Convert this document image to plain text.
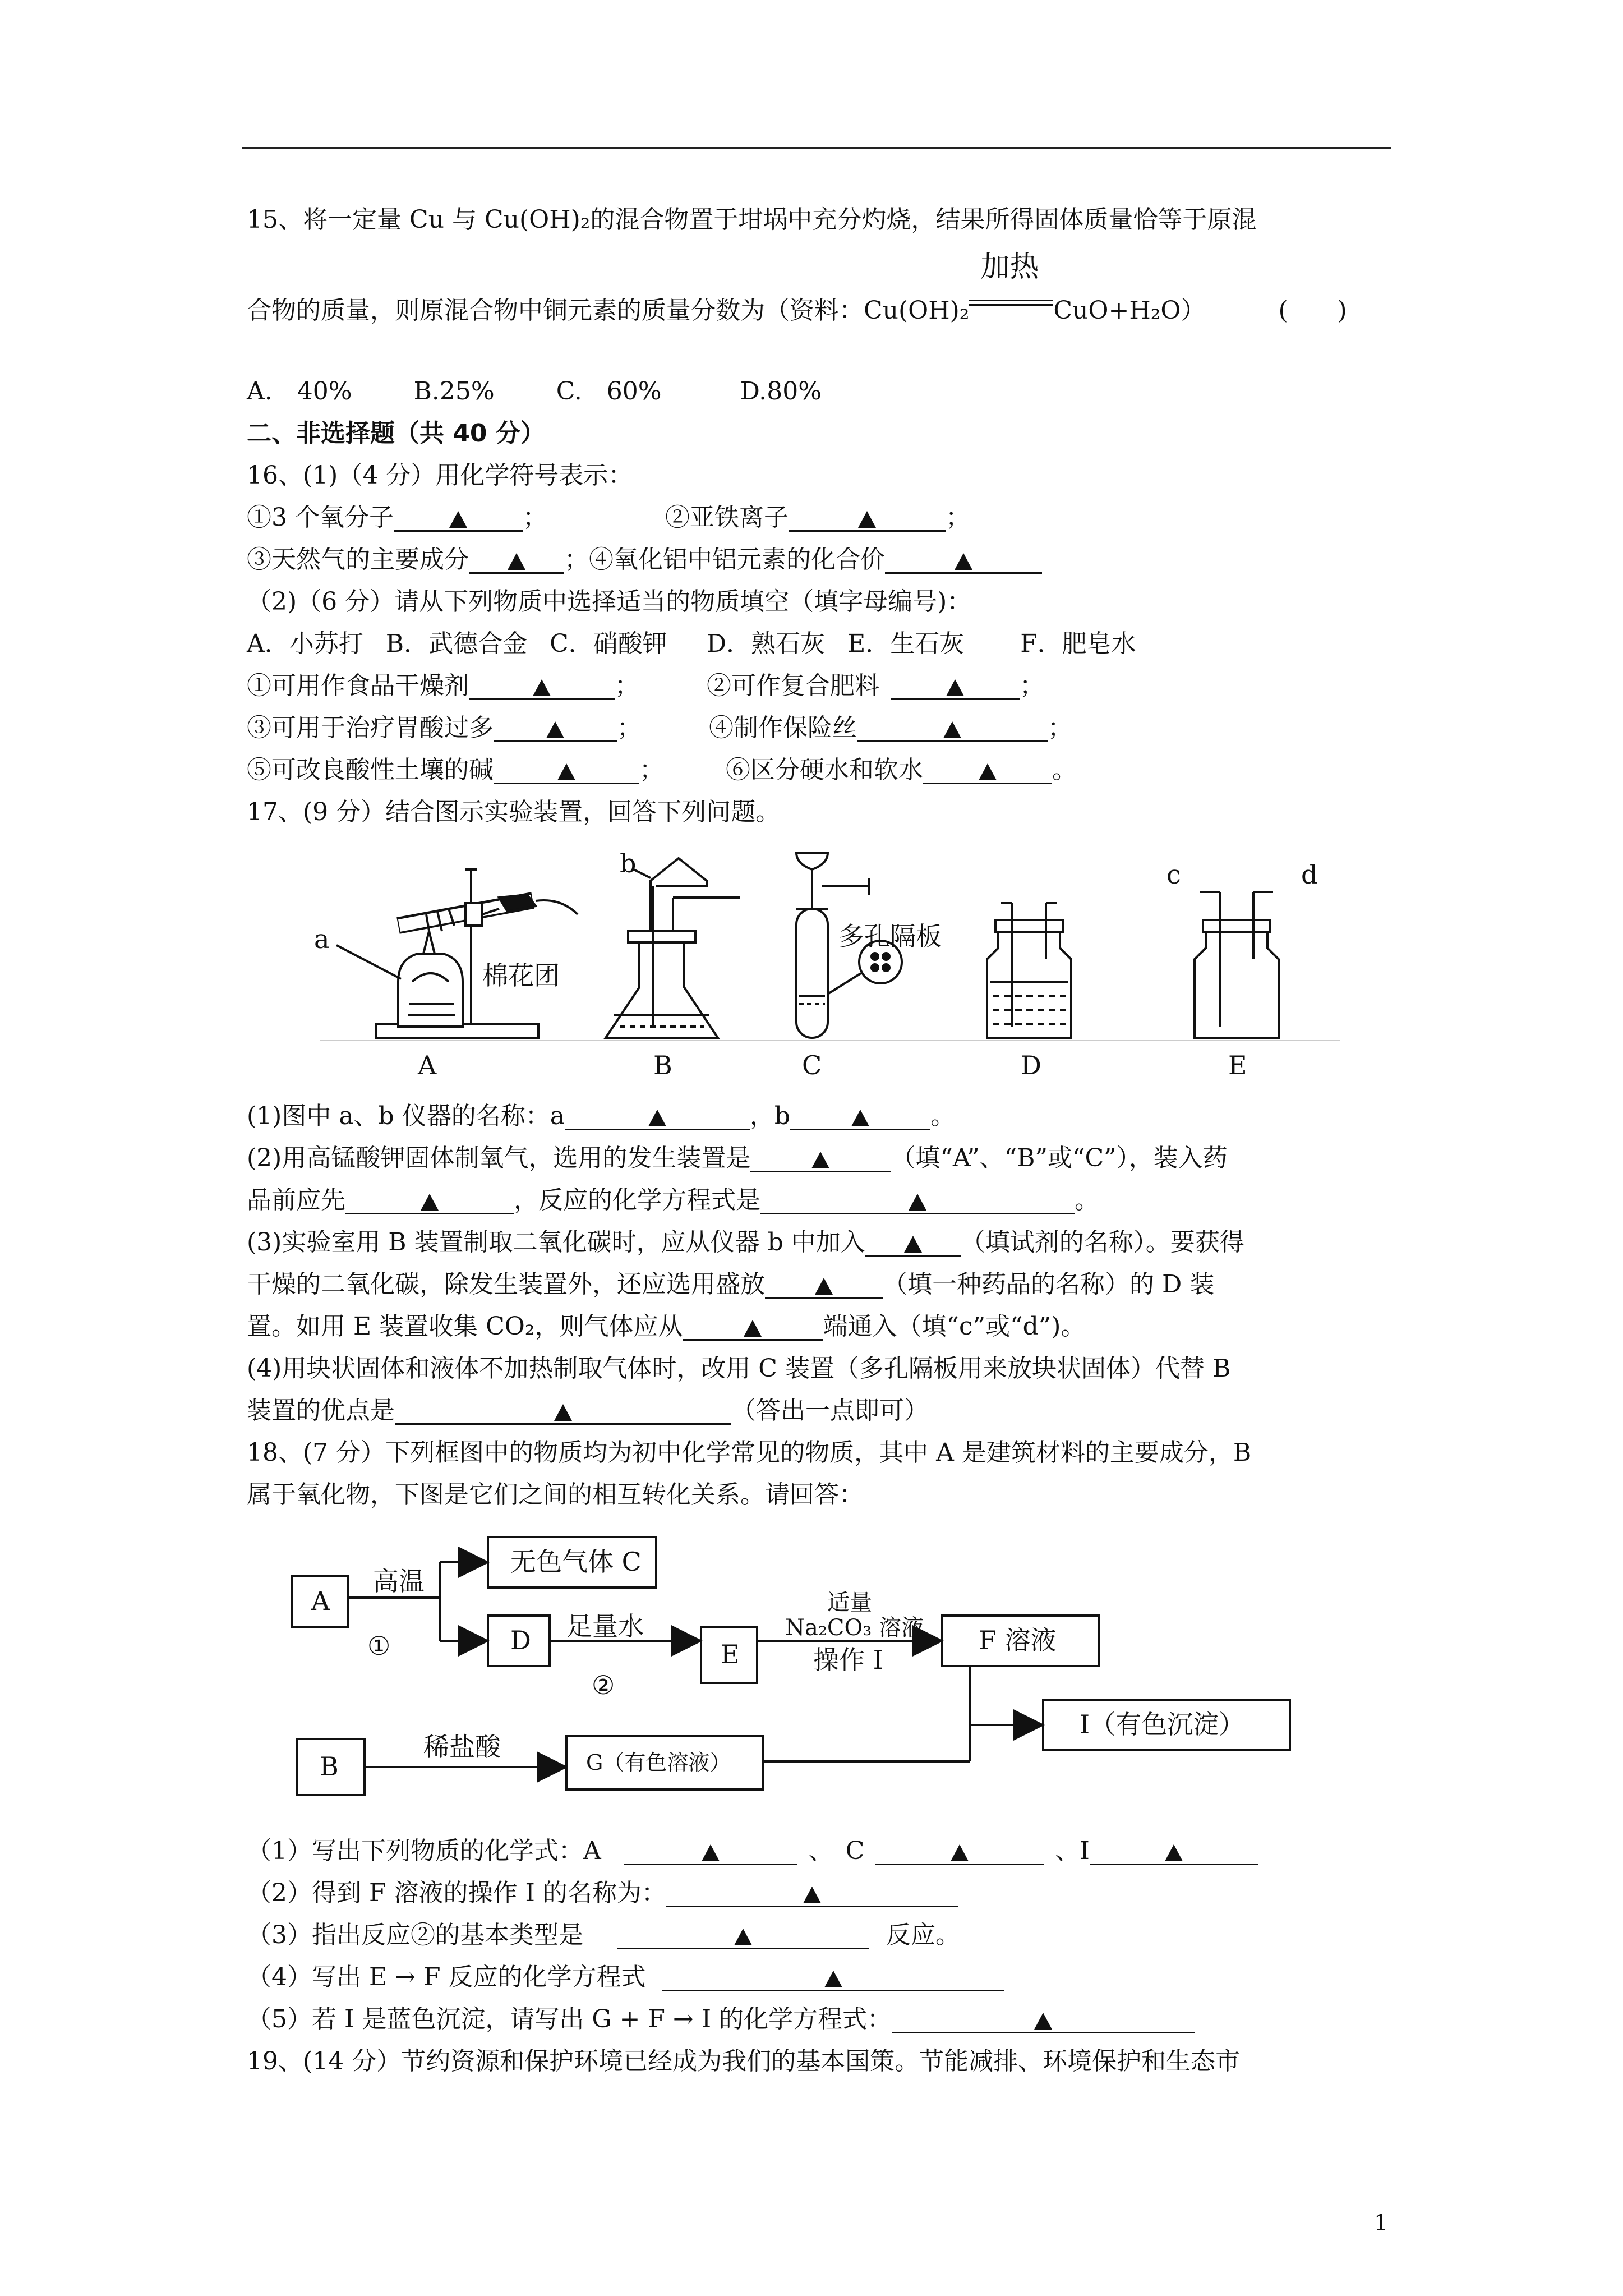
15、将一定量 Cu 与 Cu(OH)₂的混合物置于坩埚中充分灼烧，结果所得固体质量恰等于原混
合物的质量，则原混合物中铜元素的质量分数为（资料：Cu(OH)₂
加热
CuO+H₂O）	(　　)
A.　40%	B.25%	C.　60%	D.80%
二、非选择题（共 40 分）
16、(1)（4 分）用化学符号表示：
①3 个氧分子	；	②亚铁离子	；
③天然气的主要成分	；④氧化铝中铝元素的化合价
（2)（6 分）请从下列物质中选择适当的物质填空（填字母编号)：
A．小苏打 B．武德合金 C．硝酸钾 D．熟石灰 E．生石灰 F．肥皂水
①可用作食品干燥剂	；	②可作复合肥料	；
③可用于治疗胃酸过多	；	④制作保险丝	；
⑤可改良酸性土壤的碱	；	⑥区分硬水和软水	。
17、(9 分）结合图示实验装置，回答下列问题。
a
b	c	d
棉花团
多孔隔板
A	B	C	D	E
(1)图中 a、b 仪器的名称：a	，b	。
(2)用高锰酸钾固体制氧气，选用的发生装置是	（填“A”、“B”或“C”），装入药
品前应先	，反应的化学方程式是	。
(3)实验室用 B 装置制取二氧化碳时，应从仪器 b 中加入	（填试剂的名称）。要获得
干燥的二氧化碳，除发生装置外，还应选用盛放	（填一种药品的名称）的 D 装
置。如用 E 装置收集 CO₂，则气体应从	端通入（填“c”或“d”)。
(4)用块状固体和液体不加热制取气体时，改用 C 装置（多孔隔板用来放块状固体）代替 B
装置的优点是	（答出一点即可）
18、(7 分）下列框图中的物质均为初中化学常见的物质，其中 A 是建筑材料的主要成分，B
属于氧化物，下图是它们之间的相互转化关系。请回答：
A
无色气体 C
D	E	F 溶液
I（有色沉淀）
B	G（有色溶液）
高温
①
足量水
②
适量
Na₂CO₃ 溶液
操作 I
稀盐酸
（1）写出下列物质的化学式：A	、　C	、I
（2）得到 F 溶液的操作 I 的名称为：
（3）指出反应②的基本类型是	反应。
（4）写出 E → F 反应的化学方程式
（5）若 I 是蓝色沉淀，请写出 G + F → I 的化学方程式：
19、(14 分）节约资源和保护环境已经成为我们的基本国策。节能减排、环境保护和生态市
1
